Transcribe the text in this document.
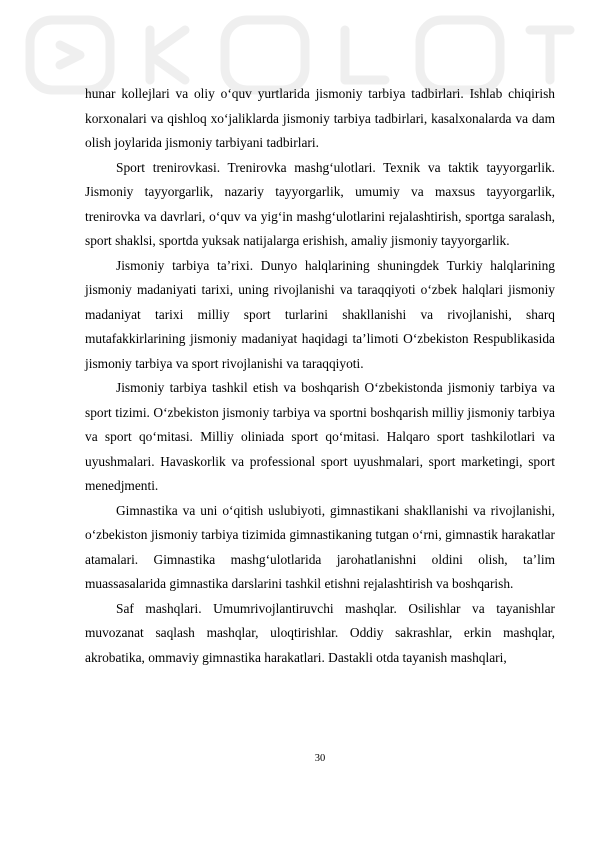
hunar kollejlari va oliy o‘quv yurtlarida jismoniy tarbiya tadbirlari. Ishlab chiqirish korxonalari va qishloq xo‘jaliklarda jismoniy tarbiya tadbirlari, kasalxonalarda va dam olish joylarida jismoniy tarbiyani tadbirlari.

Sport trenirovkasi. Trenirovka mashg‘ulotlari. Texnik va taktik tayyorgarlik. Jismoniy tayyorgarlik, nazariy tayyorgarlik, umumiy va maxsus tayyorgarlik, trenirovka va davrlari, o‘quv va yig‘in mashg‘ulotlarini rejalashtirish, sportga saralash, sport shaklsi, sportda yuksak natijalarga erishish, amaliy jismoniy tayyorgarlik.

Jismoniy tarbiya ta’rixi. Dunyo halqlarining shuningdek Turkiy halqlarining jismoniy madaniyati tarixi, uning rivojlanishi va taraqqiyoti o‘zbek halqlari jismoniy madaniyat tarixi milliy sport turlarini shakllanishi va rivojlanishi, sharq mutafakkirlarining jismoniy madaniyat haqidagi ta’limoti O‘zbekiston Respublikasida jismoniy tarbiya va sport rivojlanishi va taraqqiyoti.

Jismoniy tarbiya tashkil etish va boshqarish O‘zbekistonda jismoniy tarbiya va sport tizimi. O‘zbekiston jismoniy tarbiya va sportni boshqarish milliy jismoniy tarbiya va sport qo‘mitasi. Milliy oliniada sport qo‘mitasi. Halqaro sport tashkilotlari va uyushmalari. Havaskorlik va professional sport uyushmalari, sport marketingi, sport menedjmenti.

Gimnastika va uni o‘qitish uslubiyoti, gimnastikani shakllanishi va rivojlanishi, o‘zbekiston jismoniy tarbiya tizimida gimnastikaning tutgan o‘rni, gimnastik harakatlar atamalari. Gimnastika mashg‘ulotlarida jarohatlanishni oldini olish, ta’lim muassasalarida gimnastika darslarini tashkil etishni rejalashtirish va boshqarish.

Saf mashqlari. Umumrivojlantiruvchi mashqlar. Osilishlar va tayanishlar muvozanat saqlash mashqlar, uloqtirishlar. Oddiy sakrashlar, erkin mashqlar, akrobatika, ommaviy gimnastika harakatlari. Dastakli otda tayanish mashqlari,

30
